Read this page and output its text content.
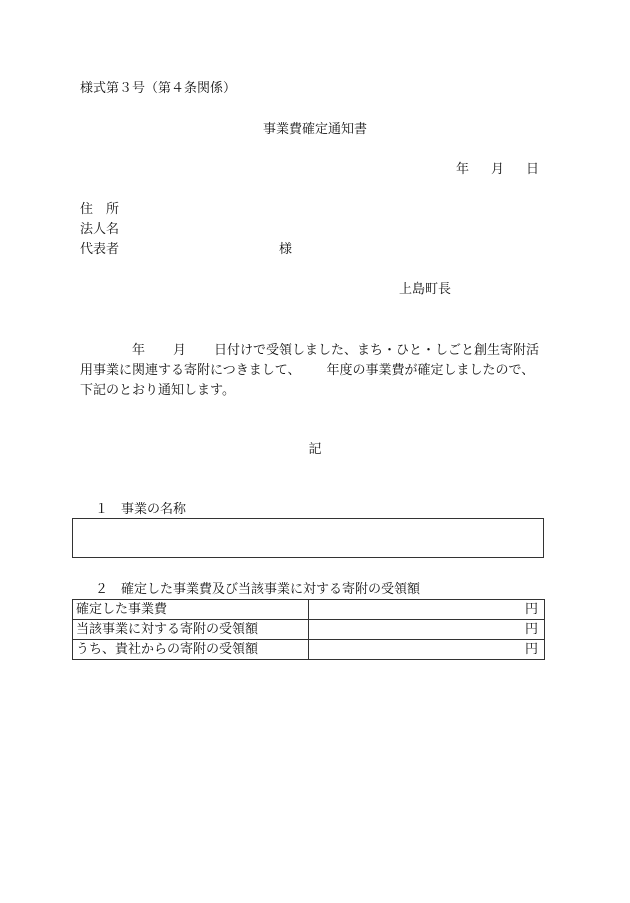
様式第３号（第４条関係）
事業費確定通知書
年 月 日
住　所
法人名
代表者	様
上島町長
年 月 日付けで受領しました、まち・ひと・しごと創生寄附活
用事業に関連する寄附につきまして、 年度の事業費が確定しましたので、
下記のとおり通知します。
記
１　事業の名称
２　確定した事業費及び当該事業に対する寄附の受領額
確定した事業費	円
当該事業に対する寄附の受領額	円
うち、貴社からの寄附の受領額	円
